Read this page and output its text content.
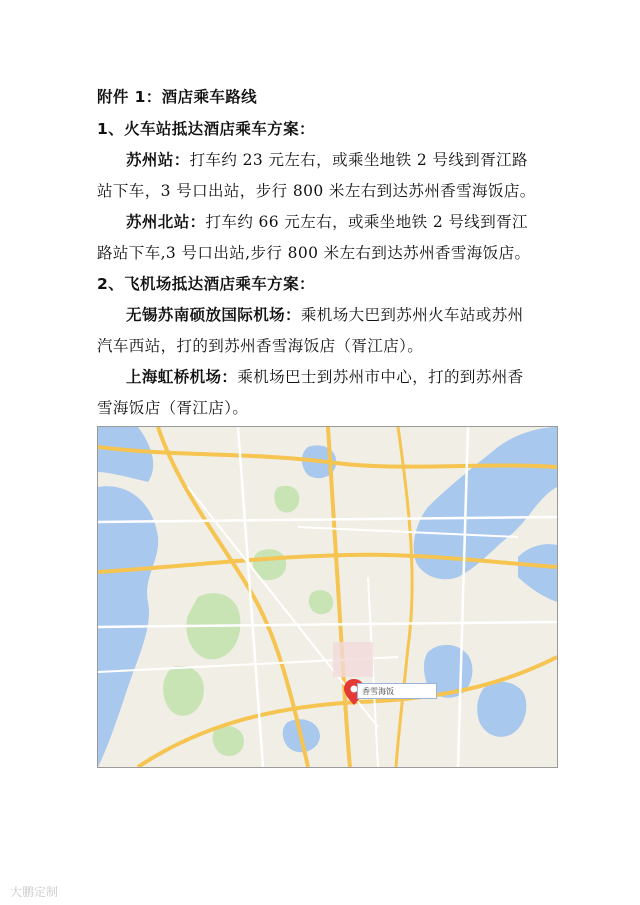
附件 1：酒店乘车路线
1、火车站抵达酒店乘车方案：
苏州站：打车约 23 元左右，或乘坐地铁 2 号线到胥江路
站下车，3 号口出站，步行 800 米左右到达苏州香雪海饭店。
苏州北站：打车约 66 元左右，或乘坐地铁 2 号线到胥江
路站下车,3 号口出站,步行 800 米左右到达苏州香雪海饭店。
2、飞机场抵达酒店乘车方案：
无锡苏南硕放国际机场：乘机场大巴到苏州火车站或苏州
汽车西站，打的到苏州香雪海饭店（胥江店）。
上海虹桥机场：乘机场巴士到苏州市中心，打的到苏州香
雪海饭店（胥江店）。
香雪海饭
大鹏定制
